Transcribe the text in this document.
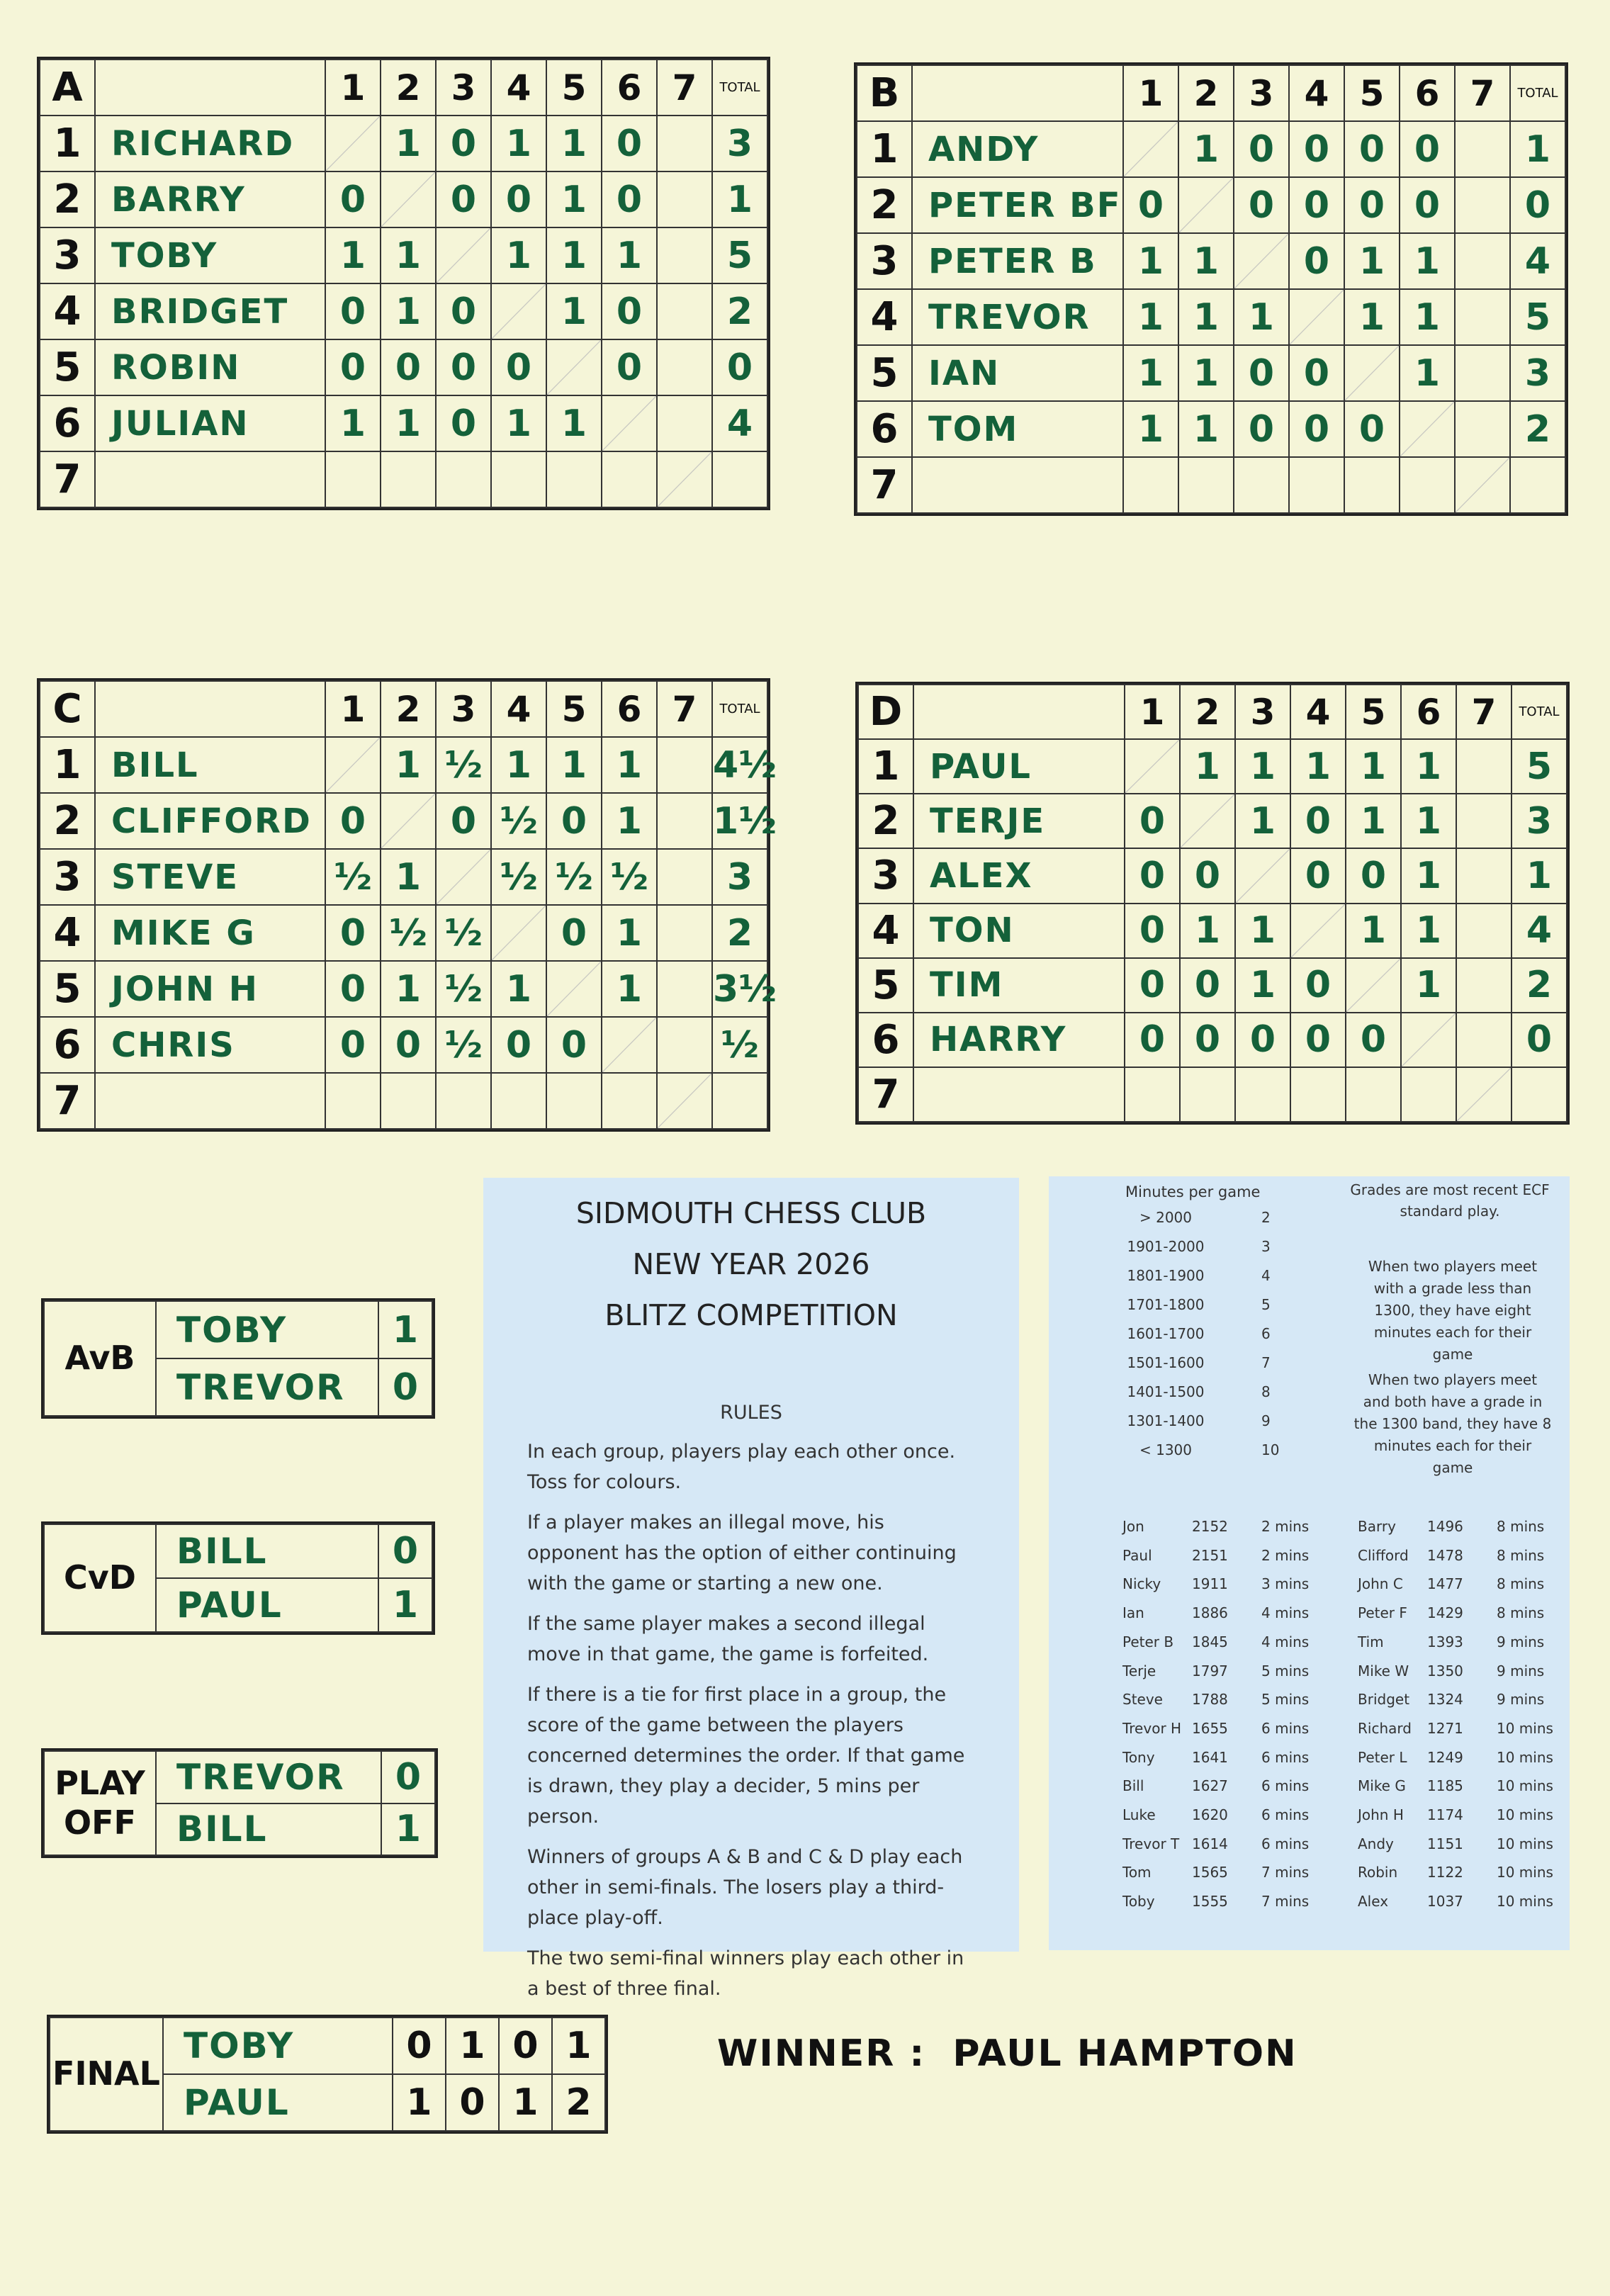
A		1	2	3	4	5	6	7	TOTAL
1	RICHARD		1	0	1	1	0		3
2	BARRY	0		0	0	1	0		1
3	TOBY	1	1		1	1	1		5
4	BRIDGET	0	1	0		1	0		2
5	ROBIN	0	0	0	0		0		0
6	JULIAN	1	1	0	1	1			4
7									
B		1	2	3	4	5	6	7	TOTAL
1	ANDY		1	0	0	0	0		1
2	PETER BF	0		0	0	0	0		0
3	PETER B	1	1		0	1	1		4
4	TREVOR	1	1	1		1	1		5
5	IAN	1	1	0	0		1		3
6	TOM	1	1	0	0	0			2
7									
C		1	2	3	4	5	6	7	TOTAL
1	BILL		1	½	1	1	1		4½
2	CLIFFORD	0		0	½	0	1		1½
3	STEVE	½	1		½	½	½		3
4	MIKE G	0	½	½		0	1		2
5	JOHN H	0	1	½	1		1		3½
6	CHRIS	0	0	½	0	0			½
7									
D		1	2	3	4	5	6	7	TOTAL
1	PAUL		1	1	1	1	1		5
2	TERJE	0		1	0	1	1		3
3	ALEX	0	0		0	0	1		1
4	TON	0	1	1		1	1		4
5	TIM	0	0	1	0		1		2
6	HARRY	0	0	0	0	0			0
7									
AvB	TOBY	1
	TREVOR	0
CvD	BILL	0
	PAUL	1
PLAY
OFF	TREVOR	0
	BILL	1
FINAL	TOBY	0	1	0	1
	PAUL	1	0	1	2
WINNER : PAUL HAMPTON
SIDMOUTH CHESS CLUB
NEW YEAR 2026
BLITZ COMPETITION
RULES

In each group, players play each other once. Toss for colours.

If a player makes an illegal move, his opponent has the option of either continuing with the game or starting a new one.

If the same player makes a second illegal move in that game, the game is forfeited.

If there is a tie for first place in a group, the score of the game between the players concerned determines the order. If that game is drawn, they play a decider, 5 mins per person.

Winners of groups A & B and C & D play each other in semi-finals. The losers play a third-place play-off.

The two semi-final winners play each other in a best of three final.

Minutes per game
> 2000	2
1901-2000	3
1801-1900	4
1701-1800	5
1601-1700	6
1501-1600	7
1401-1500	8
1301-1400	9
< 1300	10
Grades are most recent ECF standard play.
When two players meet with a grade less than 1300, they have eight minutes each for their game
When two players meet and both have a grade in the 1300 band, they have 8 minutes each for their game
Jon	2152 2 mins
Paul	2151 2 mins
Nicky 1911 3 mins
Ian	1886 4 mins
Peter B 1845 4 mins
Terje	1797 5 mins
Steve 1788 5 mins
Trevor H 1655 6 mins
Tony	1641 6 mins
Bill	1627 6 mins
Luke	1620 6 mins
Trevor T 1614 6 mins
Tom	1565 7 mins
Toby	1555 7 mins
Barry 1496 8 mins
Clifford 1478 8 mins
John C 1477 8 mins
Peter F 1429 8 mins
Tim	1393 9 mins
Mike W 1350 9 mins
Bridget 1324 9 mins
Richard 1271 10 mins
Peter L 1249 10 mins
Mike G 1185 10 mins
John H 1174 10 mins
Andy 1151 10 mins
Robin 1122 10 mins
Alex	1037 10 mins
